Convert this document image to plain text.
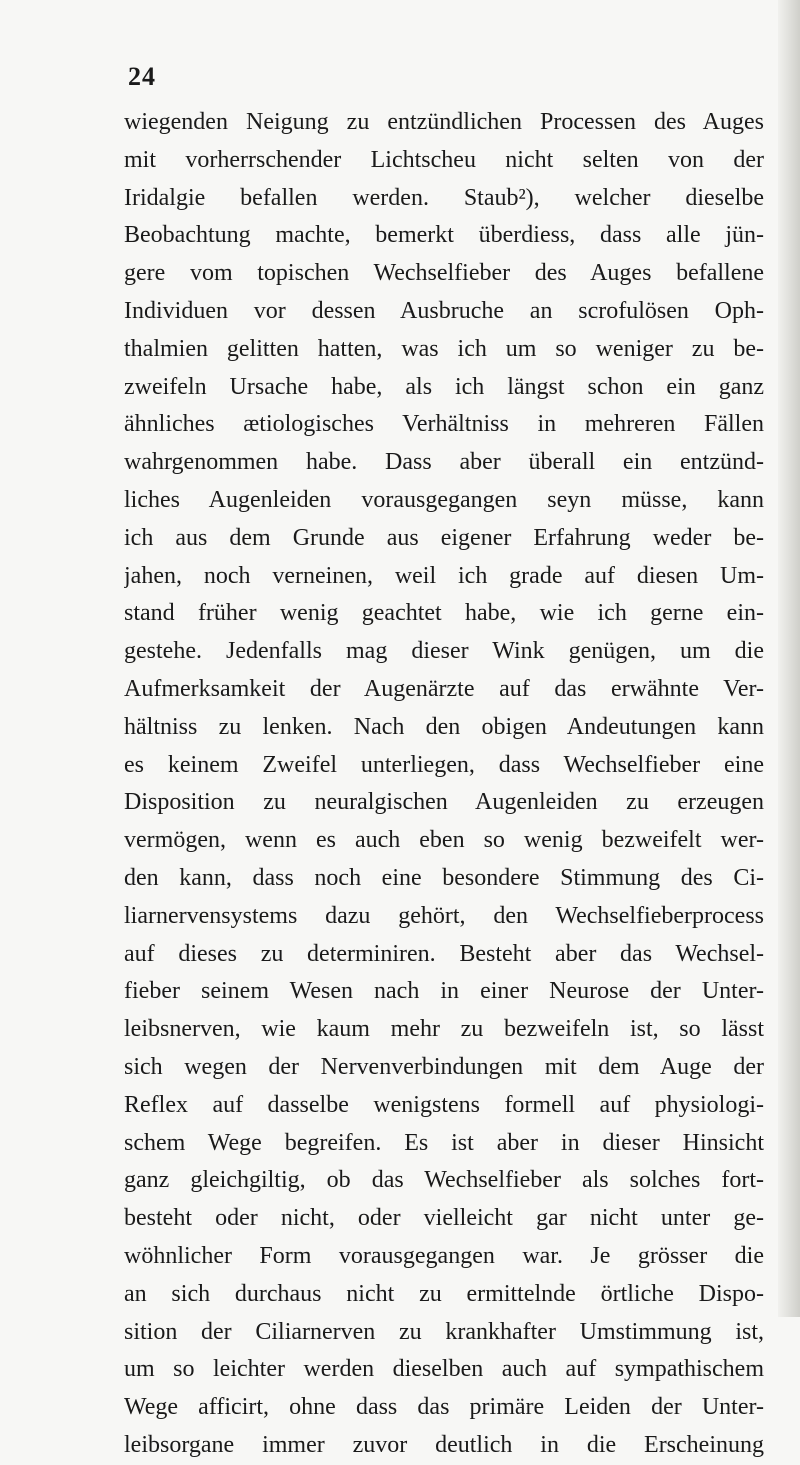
24
wiegenden Neigung zu entzündlichen Processen des Auges
mit vorherrschender Lichtscheu nicht selten von der
Iridalgie befallen werden. Staub²), welcher dieselbe
Beobachtung machte, bemerkt überdiess, dass alle jün-
gere vom topischen Wechselfieber des Auges befallene
Individuen vor dessen Ausbruche an scrofulösen Oph-
thalmien gelitten hatten, was ich um so weniger zu be-
zweifeln Ursache habe, als ich längst schon ein ganz
ähnliches ætiologisches Verhältniss in mehreren Fällen
wahrgenommen habe. Dass aber überall ein entzünd-
liches Augenleiden vorausgegangen seyn müsse, kann
ich aus dem Grunde aus eigener Erfahrung weder be-
jahen, noch verneinen, weil ich grade auf diesen Um-
stand früher wenig geachtet habe, wie ich gerne ein-
gestehe. Jedenfalls mag dieser Wink genügen, um die
Aufmerksamkeit der Augenärzte auf das erwähnte Ver-
hältniss zu lenken. Nach den obigen Andeutungen kann
es keinem Zweifel unterliegen, dass Wechselfieber eine
Disposition zu neuralgischen Augenleiden zu erzeugen
vermögen, wenn es auch eben so wenig bezweifelt wer-
den kann, dass noch eine besondere Stimmung des Ci-
liarnervensystems dazu gehört, den Wechselfieberprocess
auf dieses zu determiniren. Besteht aber das Wechsel-
fieber seinem Wesen nach in einer Neurose der Unter-
leibsnerven, wie kaum mehr zu bezweifeln ist, so lässt
sich wegen der Nervenverbindungen mit dem Auge der
Reflex auf dasselbe wenigstens formell auf physiologi-
schem Wege begreifen. Es ist aber in dieser Hinsicht
ganz gleichgiltig, ob das Wechselfieber als solches fort-
besteht oder nicht, oder vielleicht gar nicht unter ge-
wöhnlicher Form vorausgegangen war. Je grösser die
an sich durchaus nicht zu ermittelnde örtliche Dispo-
sition der Ciliarnerven zu krankhafter Umstimmung ist,
um so leichter werden dieselben auch auf sympathischem
Wege afficirt, ohne dass das primäre Leiden der Unter-
leibsorgane immer zuvor deutlich in die Erscheinung
